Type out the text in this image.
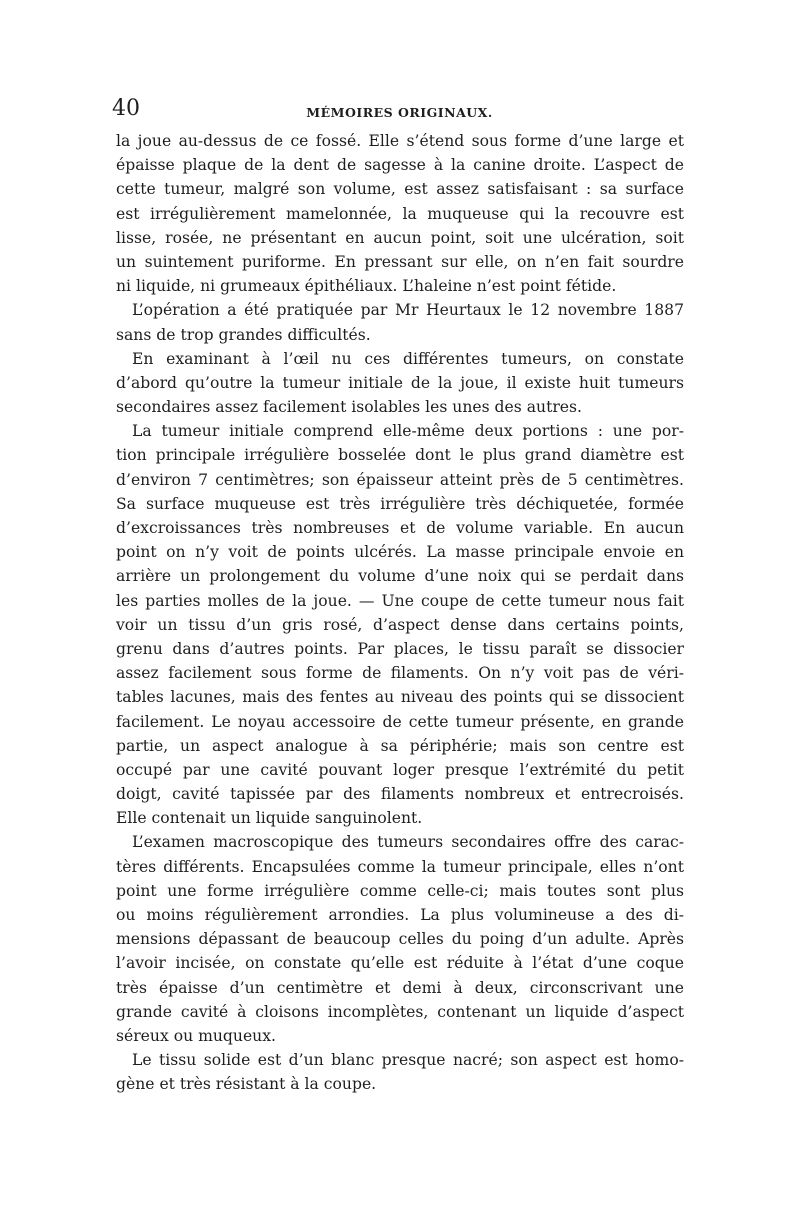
40	MÉMOIRES ORIGINAUX.
la joue au-dessus de ce fossé. Elle s’étend sous forme d’une large et
épaisse plaque de la dent de sagesse à la canine droite. L’aspect de
cette tumeur, malgré son volume, est assez satisfaisant : sa surface
est irrégulièrement mamelonnée, la muqueuse qui la recouvre est
lisse, rosée, ne présentant en aucun point, soit une ulcération, soit
un suintement puriforme. En pressant sur elle, on n’en fait sourdre
ni liquide, ni grumeaux épithéliaux. L’haleine n’est point fétide.
L’opération a été pratiquée par Mr Heurtaux le 12 novembre 1887
sans de trop grandes difficultés.
En examinant à l’œil nu ces différentes tumeurs, on constate
d’abord qu’outre la tumeur initiale de la joue, il existe huit tumeurs
secondaires assez facilement isolables les unes des autres.
La tumeur initiale comprend elle-même deux portions : une por-
tion principale irrégulière bosselée dont le plus grand diamètre est
d’environ 7 centimètres; son épaisseur atteint près de 5 centimètres.
Sa surface muqueuse est très irrégulière très déchiquetée, formée
d’excroissances très nombreuses et de volume variable. En aucun
point on n’y voit de points ulcérés. La masse principale envoie en
arrière un prolongement du volume d’une noix qui se perdait dans
les parties molles de la joue. — Une coupe de cette tumeur nous fait
voir un tissu d’un gris rosé, d’aspect dense dans certains points,
grenu dans d’autres points. Par places, le tissu paraît se dissocier
assez facilement sous forme de filaments. On n’y voit pas de véri-
tables lacunes, mais des fentes au niveau des points qui se dissocient
facilement. Le noyau accessoire de cette tumeur présente, en grande
partie, un aspect analogue à sa périphérie; mais son centre est
occupé par une cavité pouvant loger presque l’extrémité du petit
doigt, cavité tapissée par des filaments nombreux et entrecroisés.
Elle contenait un liquide sanguinolent.
L’examen macroscopique des tumeurs secondaires offre des carac-
tères différents. Encapsulées comme la tumeur principale, elles n’ont
point une forme irrégulière comme celle-ci; mais toutes sont plus
ou moins régulièrement arrondies. La plus volumineuse a des di-
mensions dépassant de beaucoup celles du poing d’un adulte. Après
l’avoir incisée, on constate qu’elle est réduite à l’état d’une coque
très épaisse d’un centimètre et demi à deux, circonscrivant une
grande cavité à cloisons incomplètes, contenant un liquide d’aspect
séreux ou muqueux.
Le tissu solide est d’un blanc presque nacré; son aspect est homo-
gène et très résistant à la coupe.
